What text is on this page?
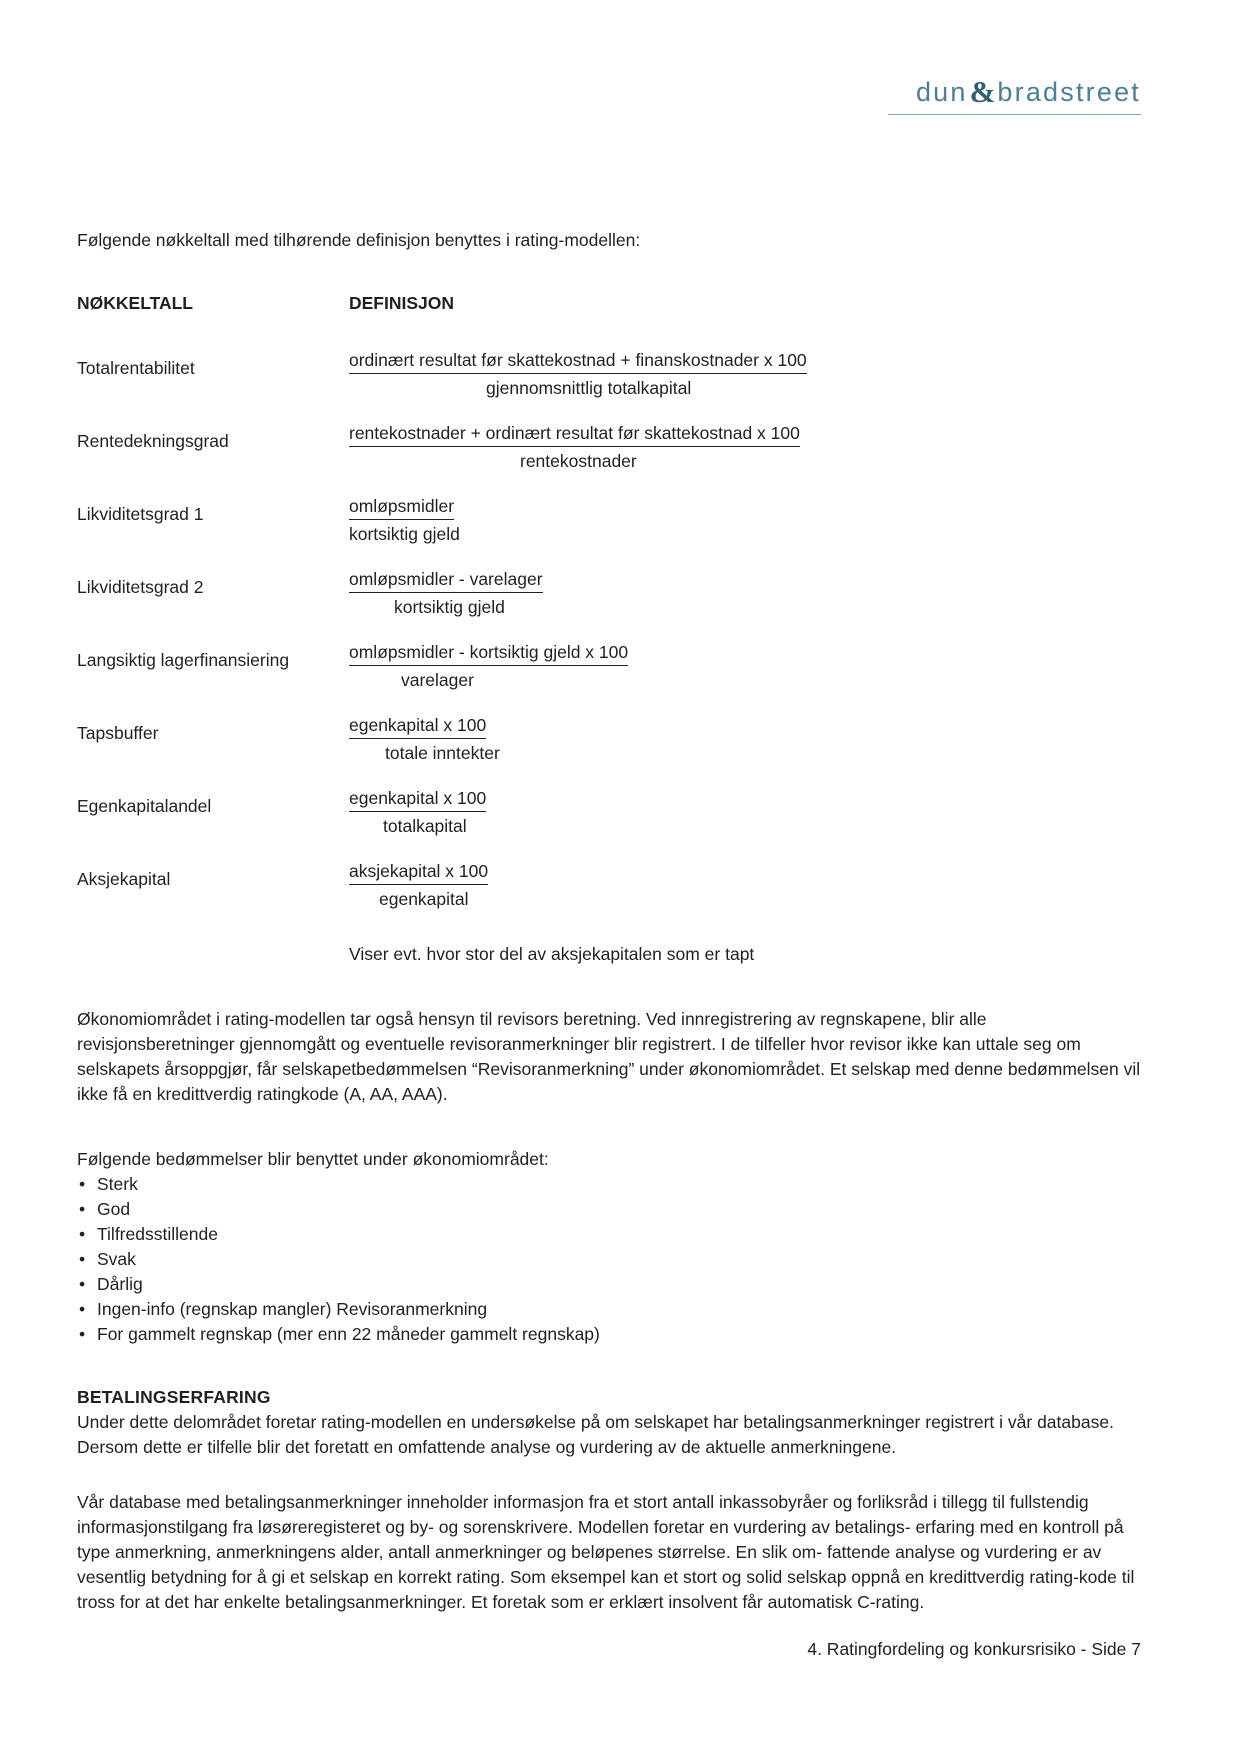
dun & bradstreet

Følgende nøkkeltall med tilhørende definisjon benyttes i rating-modellen:

NØKKELTALL	DEFINISJON

Totalrentabilitet	ordinært resultat før skattekostnad + finanskostnader x 100
gjennomsnittlig totalkapital

Rentedekningsgrad	rentekostnader + ordinært resultat før skattekostnad x 100
rentekostnader

Likviditetsgrad 1	omløpsmidler
kortsiktig gjeld

Likviditetsgrad 2	omløpsmidler - varelager
kortsiktig gjeld

Langsiktig lagerfinansiering	omløpsmidler - kortsiktig gjeld x 100
varelager

Tapsbuffer	egenkapital x 100
totale inntekter

Egenkapitalandel	egenkapital x 100
totalkapital

Aksjekapital	aksjekapital x 100
egenkapital

	Viser evt. hvor stor del av aksjekapitalen som er tapt

Økonomiområdet i rating-modellen tar også hensyn til revisors beretning. Ved innregistrering av regnskapene, blir alle revisjonsberetninger gjennomgått og eventuelle revisoranmerkninger blir registrert. I de tilfeller hvor revisor ikke kan uttale seg om selskapets årsoppgjør, får selskapetbedømmelsen “Revisoranmerkning” under økonomiområdet. Et selskap med denne bedømmelsen vil ikke få en kredittverdig ratingkode (A, AA, AAA).

Følgende bedømmelser blir benyttet under økonomiområdet:

• Sterk
• God
• Tilfredsstillende
• Svak
• Dårlig
• Ingen-info (regnskap mangler) Revisoranmerkning
• For gammelt regnskap (mer enn 22 måneder gammelt regnskap)

BETALINGSERFARING

Under dette delområdet foretar rating-modellen en undersøkelse på om selskapet har betalingsanmerkninger registrert i vår database. Dersom dette er tilfelle blir det foretatt en omfattende analyse og vurdering av de aktuelle anmerkningene.

Vår database med betalingsanmerkninger inneholder informasjon fra et stort antall inkassobyråer og forliksråd i tillegg til fullstendig informasjonstilgang fra løsøreregisteret og by- og sorenskrivere. Modellen foretar en vurdering av betalings- erfaring med en kontroll på type anmerkning, anmerkningens alder, antall anmerkninger og beløpenes størrelse. En slik om- fattende analyse og vurdering er av vesentlig betydning for å gi et selskap en korrekt rating. Som eksempel kan et stort og solid selskap oppnå en kredittverdig rating-kode til tross for at det har enkelte betalingsanmerkninger. Et foretak som er erklært insolvent får automatisk C-rating.

4. Ratingfordeling og konkursrisiko - Side 7
